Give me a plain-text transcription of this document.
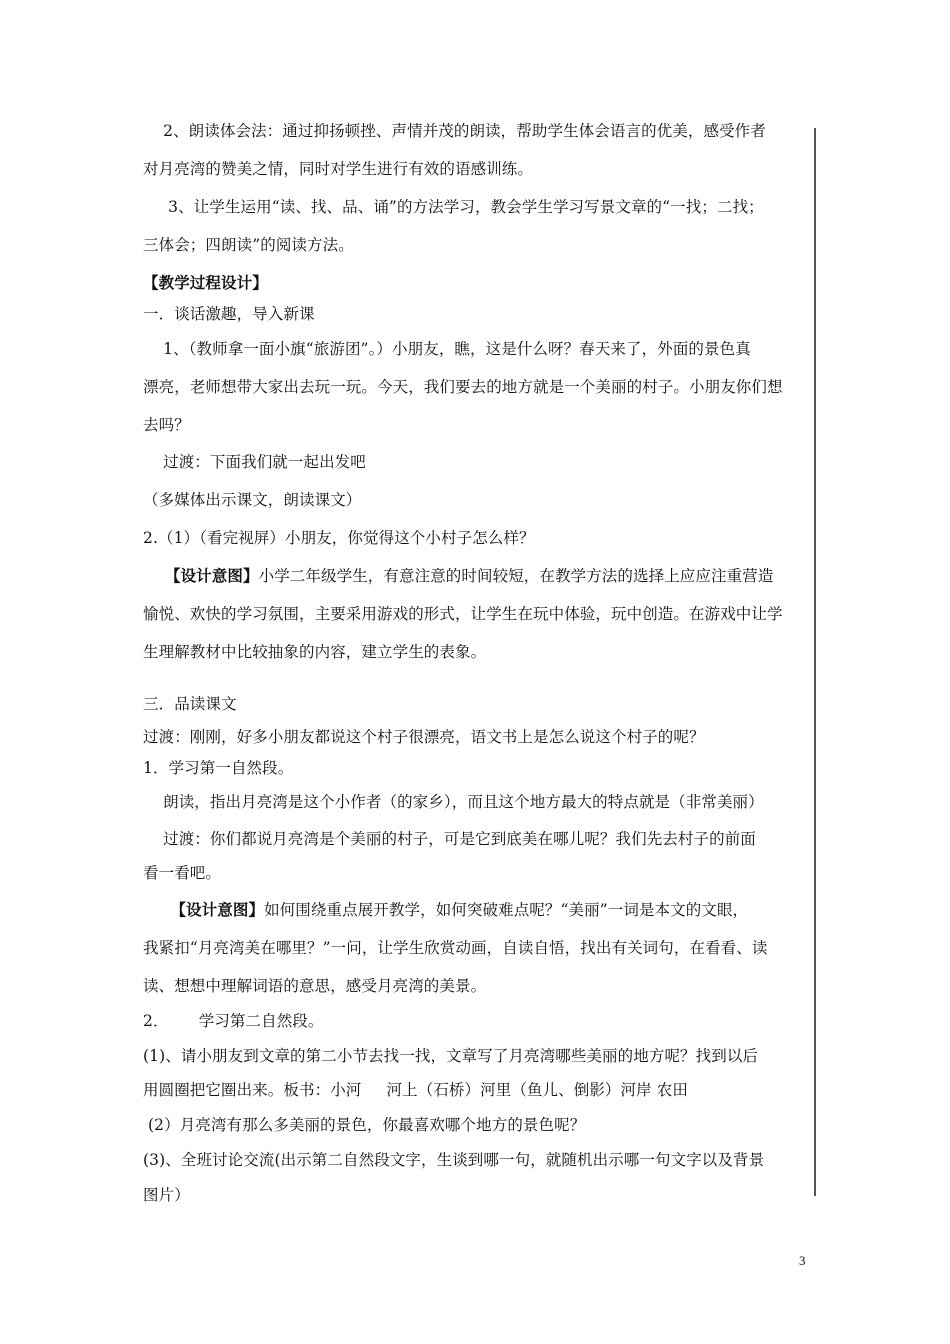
2、朗读体会法：通过抑扬顿挫、声情并茂的朗读，帮助学生体会语言的优美，感受作者
对月亮湾的赞美之情，同时对学生进行有效的语感训练。
3、让学生运用“读、找、品、诵”的方法学习，教会学生学习写景文章的“一找；二找；
三体会；四朗读”的阅读方法。
【教学过程设计】
一．谈话激趣，导入新课
1、（教师拿一面小旗“旅游团”。）小朋友，瞧，这是什么呀？春天来了，外面的景色真
漂亮，老师想带大家出去玩一玩。今天，我们要去的地方就是一个美丽的村子。小朋友你们想
去吗？
过渡：下面我们就一起出发吧
（多媒体出示课文，朗读课文）
2.（1）（看完视屏）小朋友，你觉得这个小村子怎么样？
【设计意图】小学二年级学生，有意注意的时间较短，在教学方法的选择上应应注重营造
愉悦、欢快的学习氛围，主要采用游戏的形式，让学生在玩中体验，玩中创造。在游戏中让学
生理解教材中比较抽象的内容，建立学生的表象。
三．品读课文
过渡：刚刚，好多小朋友都说这个村子很漂亮，语文书上是怎么说这个村子的呢？
1．学习第一自然段。
朗读，指出月亮湾是这个小作者（的家乡），而且这个地方最大的特点就是（非常美丽）
过渡：你们都说月亮湾是个美丽的村子，可是它到底美在哪儿呢？我们先去村子的前面
看一看吧。
【设计意图】如何围绕重点展开教学，如何突破难点呢？“美丽”一词是本文的文眼，
我紧扣“月亮湾美在哪里？”一问，让学生欣赏动画，自读自悟，找出有关词句，在看看、读
读、想想中理解词语的意思，感受月亮湾的美景。
2．      学习第二自然段。
(1)、请小朋友到文章的第二小节去找一找，文章写了月亮湾哪些美丽的地方呢？找到以后
用圆圈把它圈出来。板书：小河     河上（石桥）河里（鱼儿、倒影）河岸 农田
(2）月亮湾有那么多美丽的景色，你最喜欢哪个地方的景色呢？
(3)、全班讨论交流(出示第二自然段文字，生谈到哪一句，就随机出示哪一句文字以及背景
图片）
3
